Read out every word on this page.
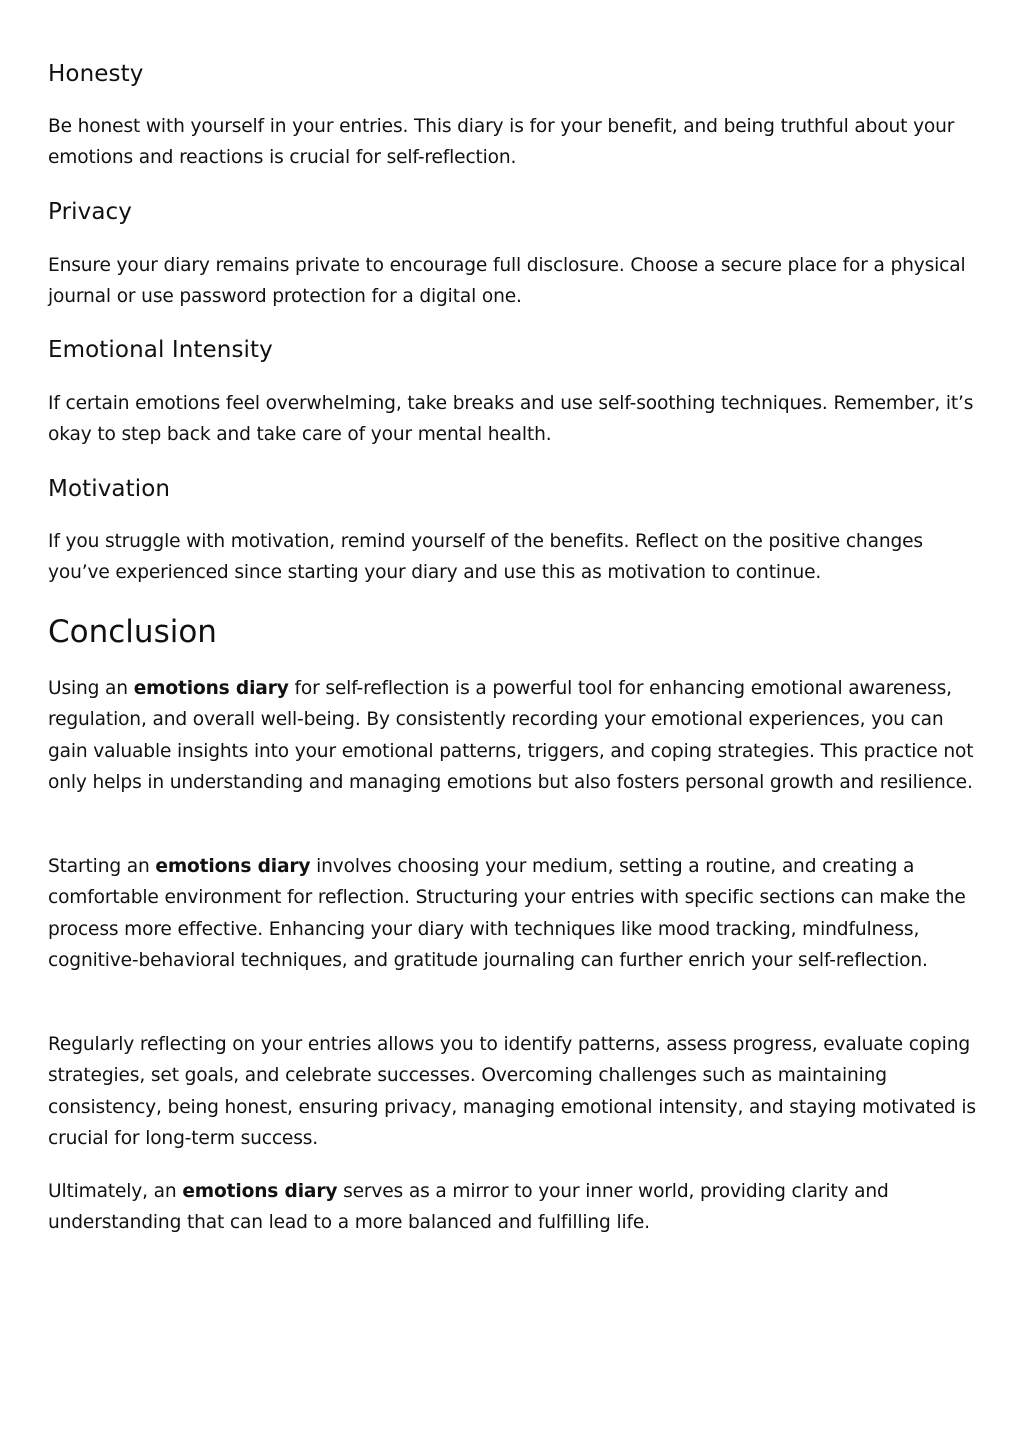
Honesty

Be honest with yourself in your entries. This diary is for your benefit, and being truthful about your emotions and reactions is crucial for self-reflection.

Privacy

Ensure your diary remains private to encourage full disclosure. Choose a secure place for a physical journal or use password protection for a digital one.

Emotional Intensity

If certain emotions feel overwhelming, take breaks and use self-soothing techniques. Remember, it’s okay to step back and take care of your mental health.

Motivation

If you struggle with motivation, remind yourself of the benefits. Reflect on the positive changes you’ve experienced since starting your diary and use this as motivation to continue.

Conclusion

Using an emotions diary for self-reflection is a powerful tool for enhancing emotional awareness, regulation, and overall well-being. By consistently recording your emotional experiences, you can gain valuable insights into your emotional patterns, triggers, and coping strategies. This practice not only helps in understanding and managing emotions but also fosters personal growth and resilience.

Starting an emotions diary involves choosing your medium, setting a routine, and creating a comfortable environment for reflection. Structuring your entries with specific sections can make the process more effective. Enhancing your diary with techniques like mood tracking, mindfulness, cognitive-behavioral techniques, and gratitude journaling can further enrich your self-reflection.

Regularly reflecting on your entries allows you to identify patterns, assess progress, evaluate coping strategies, set goals, and celebrate successes. Overcoming challenges such as maintaining consistency, being honest, ensuring privacy, managing emotional intensity, and staying motivated is crucial for long-term success.

Ultimately, an emotions diary serves as a mirror to your inner world, providing clarity and understanding that can lead to a more balanced and fulfilling life.
